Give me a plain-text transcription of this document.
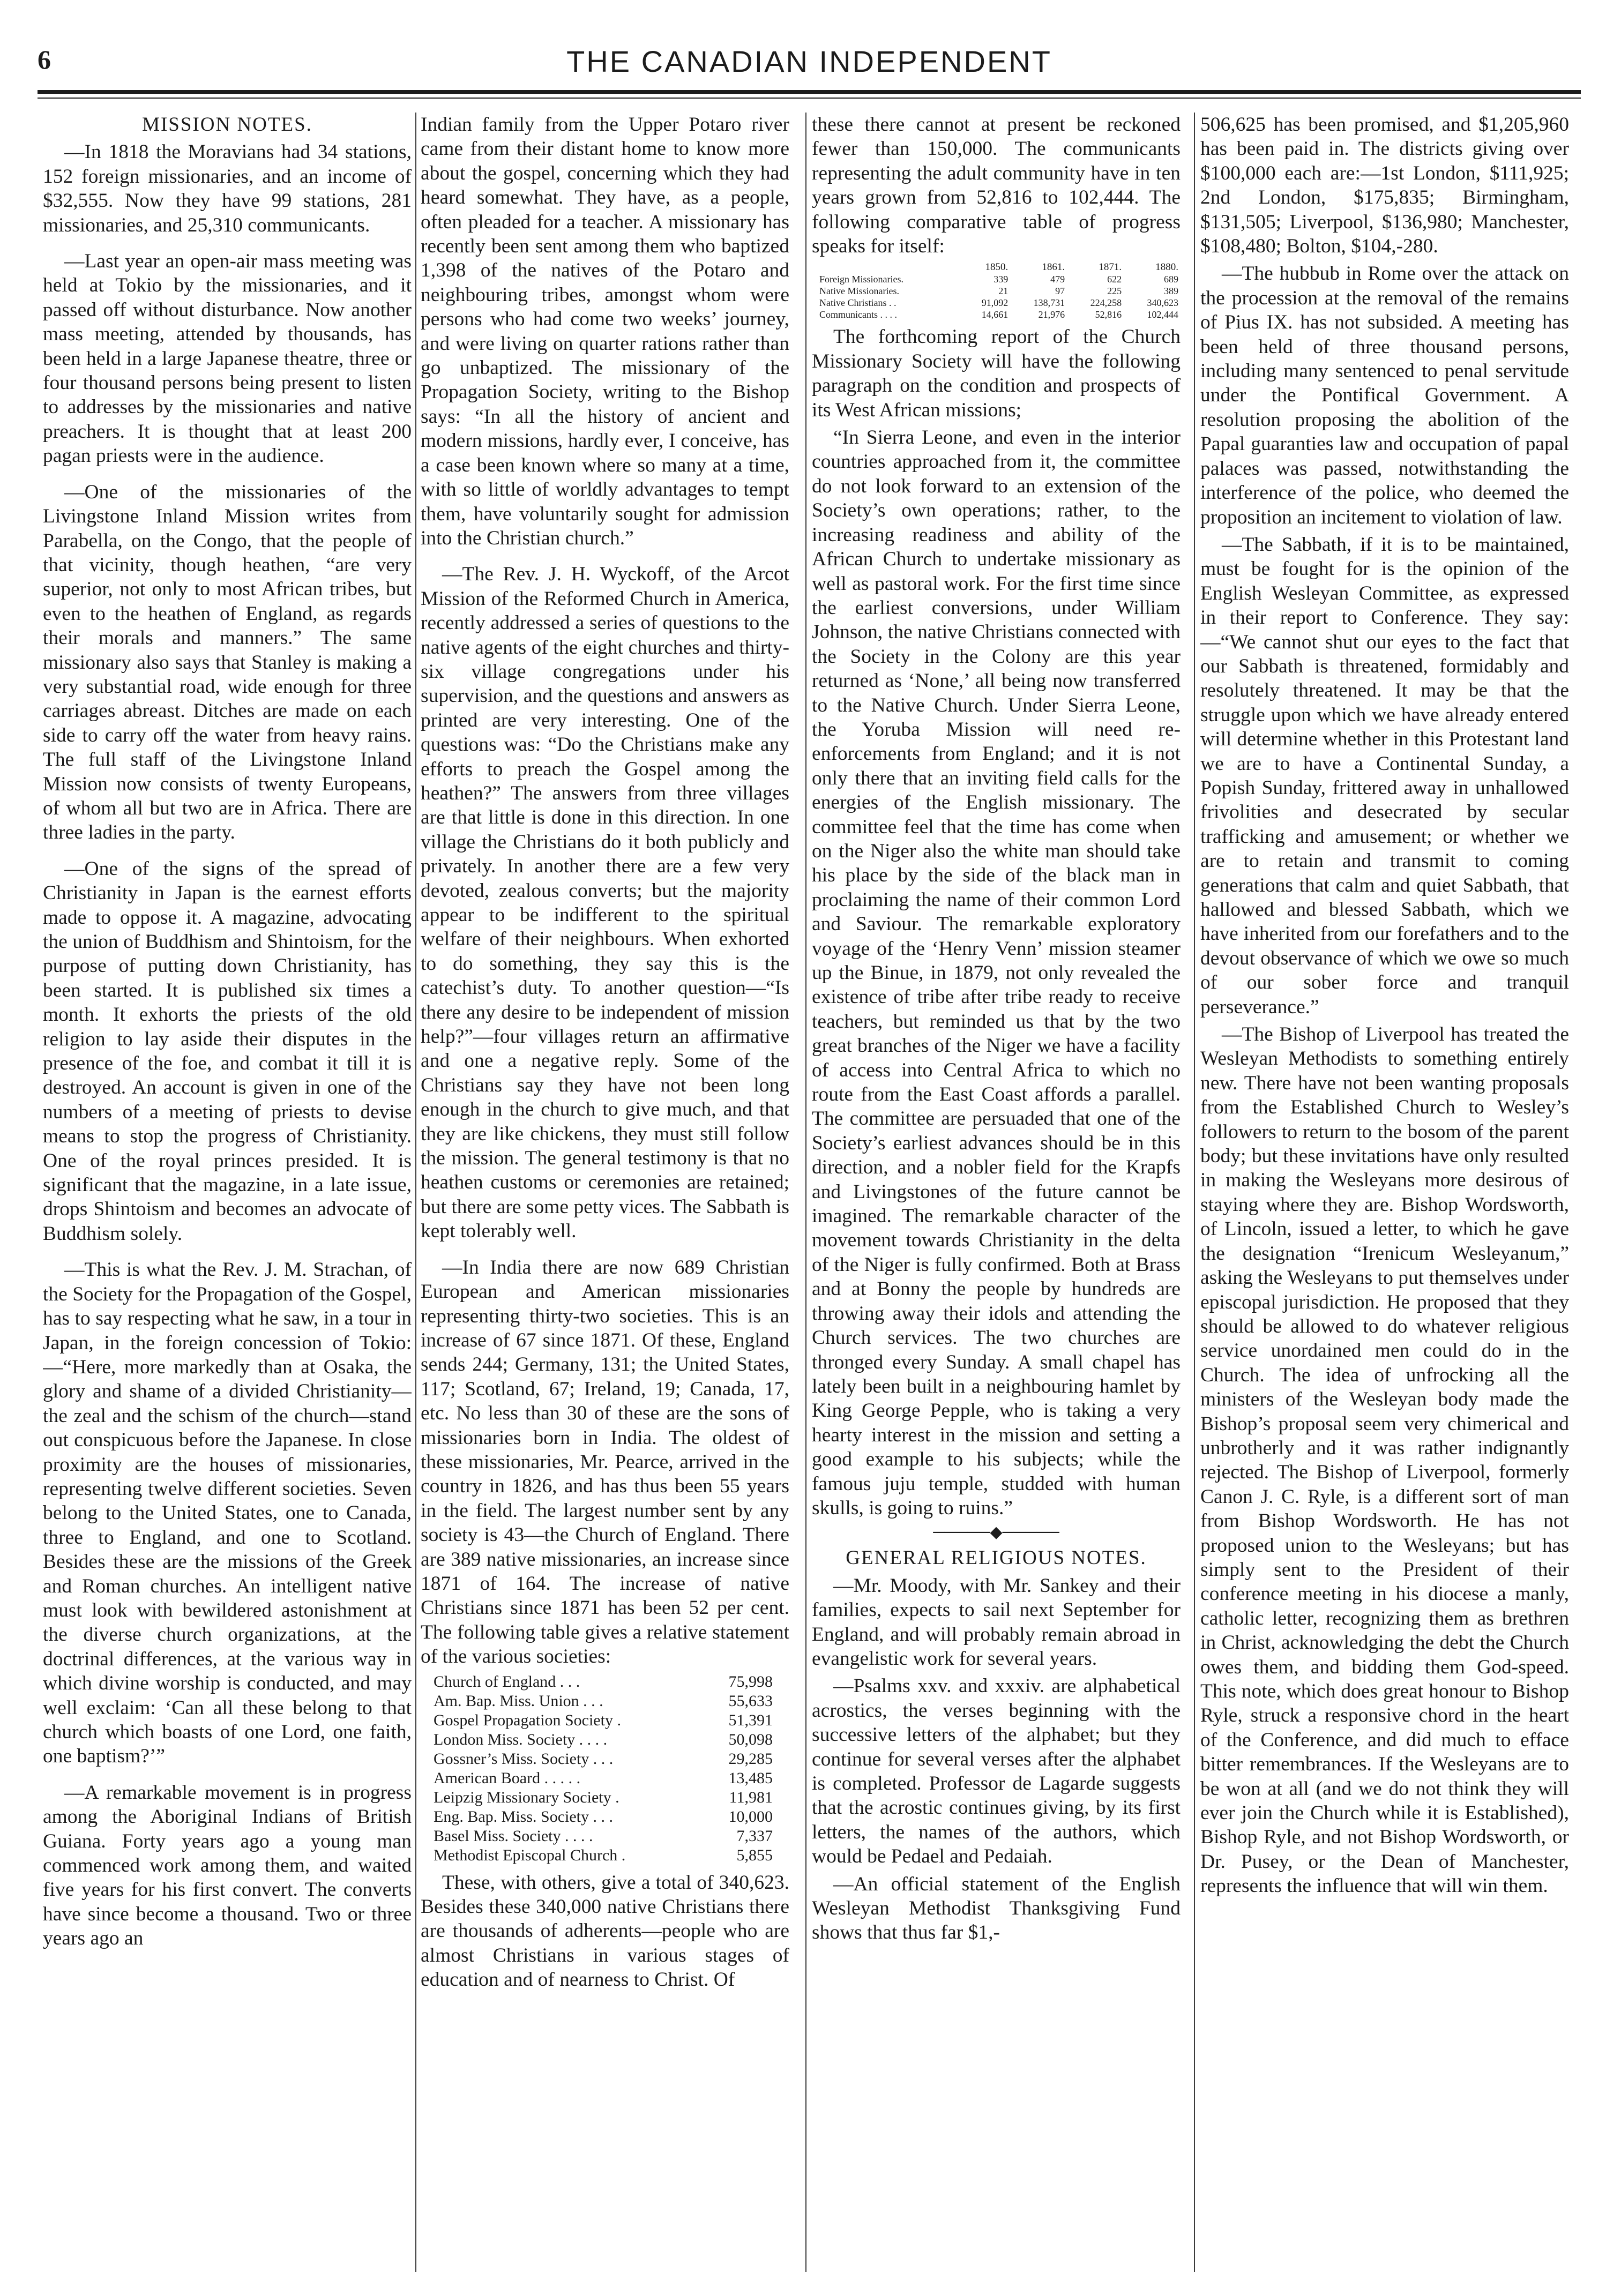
6	THE CANADIAN INDEPENDENT
MISSION NOTES.

—In 1818 the Moravians had 34 stations, 152 foreign missionaries, and an income of $32,555. Now they have 99 stations, 281 missionaries, and 25,310 communicants.

—Last year an open-air mass meeting was held at Tokio by the missionaries, and it passed off without disturbance. Now another mass meeting, attended by thousands, has been held in a large Japanese theatre, three or four thousand persons being present to listen to addresses by the missionaries and native preachers. It is thought that at least 200 pagan priests were in the audience.

—One of the missionaries of the Livingstone Inland Mission writes from Parabella, on the Congo, that the people of that vicinity, though heathen, “are very superior, not only to most African tribes, but even to the heathen of England, as regards their morals and manners.” The same missionary also says that Stanley is making a very substantial road, wide enough for three carriages abreast. Ditches are made on each side to carry off the water from heavy rains. The full staff of the Livingstone Inland Mission now consists of twenty Europeans, of whom all but two are in Africa. There are three ladies in the party.

—One of the signs of the spread of Christianity in Japan is the earnest efforts made to oppose it. A magazine, advocating the union of Buddhism and Shintoism, for the purpose of putting down Christianity, has been started. It is published six times a month. It exhorts the priests of the old religion to lay aside their disputes in the presence of the foe, and combat it till it is destroyed. An account is given in one of the numbers of a meeting of priests to devise means to stop the progress of Christianity. One of the royal princes presided. It is significant that the magazine, in a late issue, drops Shintoism and becomes an advocate of Buddhism solely.

—This is what the Rev. J. M. Strachan, of the Society for the Propagation of the Gospel, has to say respecting what he saw, in a tour in Japan, in the foreign concession of Tokio:—“Here, more markedly than at Osaka, the glory and shame of a divided Christianity—the zeal and the schism of the church—stand out conspicuous before the Japanese. In close proximity are the houses of missionaries, representing twelve different societies. Seven belong to the United States, one to Canada, three to England, and one to Scotland. Besides these are the missions of the Greek and Roman churches. An intelligent native must look with bewildered astonishment at the diverse church organizations, at the doctrinal differences, at the various way in which divine worship is conducted, and may well exclaim: ‘Can all these belong to that church which boasts of one Lord, one faith, one baptism?’”

—A remarkable movement is in progress among the Aboriginal Indians of British Guiana. Forty years ago a young man commenced work among them, and waited five years for his first convert. The converts have since become a thousand. Two or three years ago an

Indian family from the Upper Potaro river came from their distant home to know more about the gospel, concerning which they had heard somewhat. They have, as a people, often pleaded for a teacher. A missionary has recently been sent among them who baptized 1,398 of the natives of the Potaro and neighbouring tribes, amongst whom were persons who had come two weeks’ journey, and were living on quarter rations rather than go unbaptized. The missionary of the Propagation Society, writing to the Bishop says: “In all the history of ancient and modern missions, hardly ever, I conceive, has a case been known where so many at a time, with so little of worldly advantages to tempt them, have voluntarily sought for admission into the Christian church.”

—The Rev. J. H. Wyckoff, of the Arcot Mission of the Reformed Church in America, recently addressed a series of questions to the native agents of the eight churches and thirty-six village congregations under his supervision, and the questions and answers as printed are very interesting. One of the questions was: “Do the Christians make any efforts to preach the Gospel among the heathen?” The answers from three villages are that little is done in this direction. In one village the Christians do it both publicly and privately. In another there are a few very devoted, zealous converts; but the majority appear to be indifferent to the spiritual welfare of their neighbours. When exhorted to do something, they say this is the catechist’s duty. To another question—“Is there any desire to be independent of mission help?”—four villages return an affirmative and one a negative reply. Some of the Christians say they have not been long enough in the church to give much, and that they are like chickens, they must still follow the mission. The general testimony is that no heathen customs or ceremonies are retained; but there are some petty vices. The Sabbath is kept tolerably well.

—In India there are now 689 Christian European and American missionaries representing thirty-two societies. This is an increase of 67 since 1871. Of these, England sends 244; Germany, 131; the United States, 117; Scotland, 67; Ireland, 19; Canada, 17, etc. No less than 30 of these are the sons of missionaries born in India. The oldest of these missionaries, Mr. Pearce, arrived in the country in 1826, and has thus been 55 years in the field. The largest number sent by any society is 43—the Church of England. There are 389 native missionaries, an increase since 1871 of 164. The increase of native Christians since 1871 has been 52 per cent. The following table gives a relative statement of the various societies:

Church of England . . .	75,998
Am. Bap. Miss. Union . . .	55,633
Gospel Propagation Society .	51,391
London Miss. Society . . . .	50,098
Gossner’s Miss. Society . . .	29,285
American Board . . . . .	13,485
Leipzig Missionary Society .	11,981
Eng. Bap. Miss. Society . . .	10,000
Basel Miss. Society . . . .	7,337
Methodist Episcopal Church .	5,855

These, with others, give a total of 340,623. Besides these 340,000 native Christians there are thousands of adherents—people who are almost Christians in various stages of education and of nearness to Christ. Of

these there cannot at present be reckoned fewer than 150,000. The communicants representing the adult community have in ten years grown from 52,816 to 102,444. The following comparative table of progress speaks for itself:

	1850.	1861.	1871.	1880.
Foreign Missionaries.	339	479	622	689
Native Missionaries.	21	97	225	389
Native Christians . .	91,092	138,731	224,258	340,623
Communicants . . . .	14,661	21,976	52,816	102,444

The forthcoming report of the Church Missionary Society will have the following paragraph on the condition and prospects of its West African missions;

“In Sierra Leone, and even in the interior countries approached from it, the committee do not look forward to an extension of the Society’s own operations; rather, to the increasing readiness and ability of the African Church to undertake missionary as well as pastoral work. For the first time since the earliest conversions, under William Johnson, the native Christians connected with the Society in the Colony are this year returned as ‘None,’ all being now transferred to the Native Church. Under Sierra Leone, the Yoruba Mission will need re-enforcements from England; and it is not only there that an inviting field calls for the energies of the English missionary. The committee feel that the time has come when on the Niger also the white man should take his place by the side of the black man in proclaiming the name of their common Lord and Saviour. The remarkable exploratory voyage of the ‘Henry Venn’ mission steamer up the Binue, in 1879, not only revealed the existence of tribe after tribe ready to receive teachers, but reminded us that by the two great branches of the Niger we have a facility of access into Central Africa to which no route from the East Coast affords a parallel. The committee are persuaded that one of the Society’s earliest advances should be in this direction, and a nobler field for the Krapfs and Livingstones of the future cannot be imagined. The remarkable character of the movement towards Christianity in the delta of the Niger is fully confirmed. Both at Brass and at Bonny the people by hundreds are throwing away their idols and attending the Church services. The two churches are thronged every Sunday. A small chapel has lately been built in a neighbouring hamlet by King George Pepple, who is taking a very hearty interest in the mission and setting a good example to his subjects; while the famous juju temple, studded with human skulls, is going to ruins.”

─────◆─────
GENERAL RELIGIOUS NOTES.

—Mr. Moody, with Mr. Sankey and their families, expects to sail next September for England, and will probably remain abroad in evangelistic work for several years.

—Psalms xxv. and xxxiv. are alphabetical acrostics, the verses beginning with the successive letters of the alphabet; but they continue for several verses after the alphabet is completed. Professor de Lagarde suggests that the acrostic continues giving, by its first letters, the names of the authors, which would be Pedael and Pedaiah.

—An official statement of the English Wesleyan Methodist Thanksgiving Fund shows that thus far $1,-

506,625 has been promised, and $1,205,960 has been paid in. The districts giving over $100,000 each are:—1st London, $111,925; 2nd London, $175,835; Birmingham, $131,505; Liverpool, $136,980; Manchester, $108,480; Bolton, $104,-280.

—The hubbub in Rome over the attack on the procession at the removal of the remains of Pius IX. has not subsided. A meeting has been held of three thousand persons, including many sentenced to penal servitude under the Pontifical Government. A resolution proposing the abolition of the Papal guaranties law and occupation of papal palaces was passed, notwithstanding the interference of the police, who deemed the proposition an incitement to violation of law.

—The Sabbath, if it is to be maintained, must be fought for is the opinion of the English Wesleyan Committee, as expressed in their report to Conference. They say:—“We cannot shut our eyes to the fact that our Sabbath is threatened, formidably and resolutely threatened. It may be that the struggle upon which we have already entered will determine whether in this Protestant land we are to have a Continental Sunday, a Popish Sunday, frittered away in unhallowed frivolities and desecrated by secular trafficking and amusement; or whether we are to retain and transmit to coming generations that calm and quiet Sabbath, that hallowed and blessed Sabbath, which we have inherited from our forefathers and to the devout observance of which we owe so much of our sober force and tranquil perseverance.”

—The Bishop of Liverpool has treated the Wesleyan Methodists to something entirely new. There have not been wanting proposals from the Established Church to Wesley’s followers to return to the bosom of the parent body; but these invitations have only resulted in making the Wesleyans more desirous of staying where they are. Bishop Wordsworth, of Lincoln, issued a letter, to which he gave the designation “Irenicum Wesleyanum,” asking the Wesleyans to put themselves under episcopal jurisdiction. He proposed that they should be allowed to do whatever religious service unordained men could do in the Church. The idea of unfrocking all the ministers of the Wesleyan body made the Bishop’s proposal seem very chimerical and unbrotherly and it was rather indignantly rejected. The Bishop of Liverpool, formerly Canon J. C. Ryle, is a different sort of man from Bishop Wordsworth. He has not proposed union to the Wesleyans; but has simply sent to the President of their conference meeting in his diocese a manly, catholic letter, recognizing them as brethren in Christ, acknowledging the debt the Church owes them, and bidding them God-speed. This note, which does great honour to Bishop Ryle, struck a responsive chord in the heart of the Conference, and did much to efface bitter remembrances. If the Wesleyans are to be won at all (and we do not think they will ever join the Church while it is Established), Bishop Ryle, and not Bishop Wordsworth, or Dr. Pusey, or the Dean of Manchester, represents the influence that will win them.
